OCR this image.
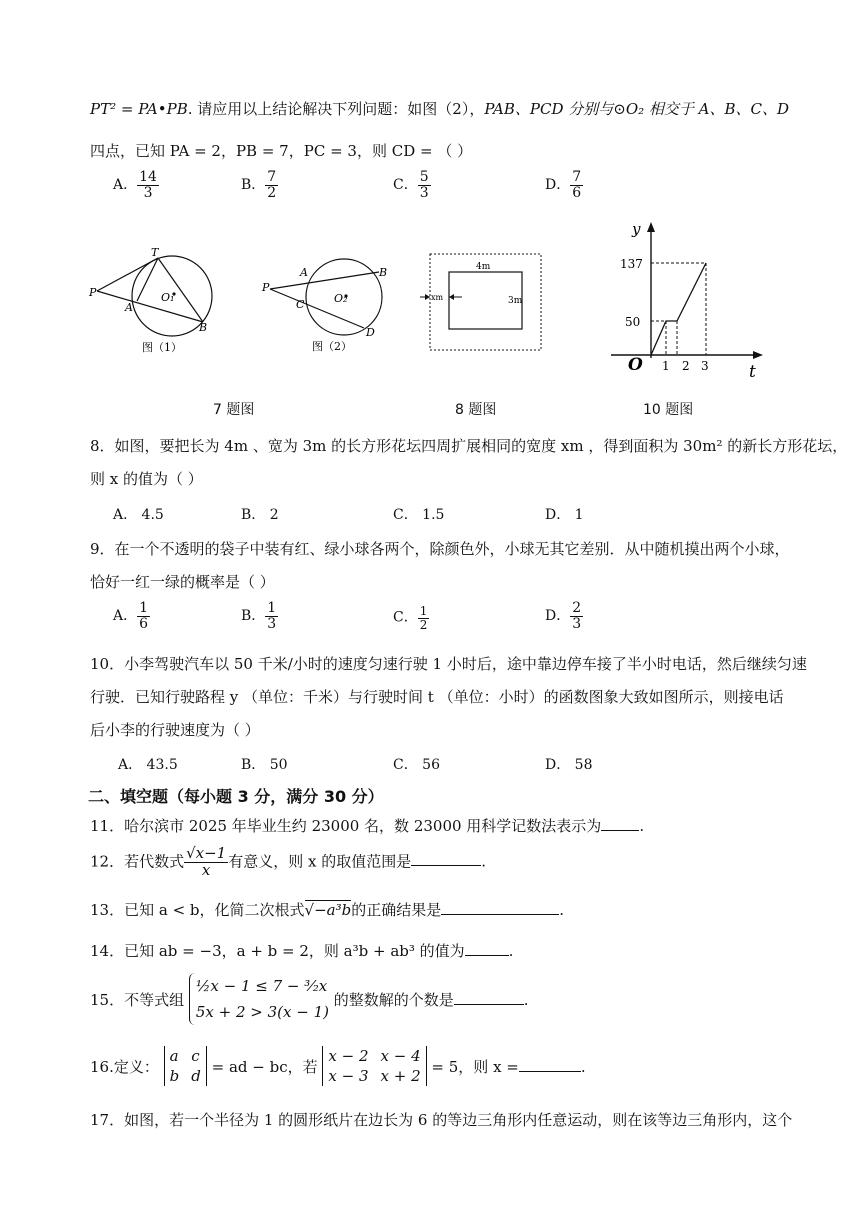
PT² = PA•PB. 请应用以上结论解决下列问题：如图（2），PAB、PCD 分别与⊙O₂ 相交于 A、B、C、D
四点，已知 PA = 2，PB = 7，PC = 3，则 CD = （ ）
A． $\frac{14}{3}$	B． $\frac{7}{2}$	C． $\frac{5}{3}$	D． $\frac{7}{6}$
P
T
A
B
O₁
图（1）
P
A	B
C
D
O₂
图（2）
4m
3m
xm
y
t
O
137
50
1 2 3
7 题图	8 题图	10 题图
8．如图，要把长为 4m 、宽为 3m 的长方形花坛四周扩展相同的宽度 xm ，得到面积为 30m² 的新长方形花坛，
则 x 的值为（ ）
A． 4.5	B． 2	C． 1.5	D． 1
9．在一个不透明的袋子中装有红、绿小球各两个，除颜色外，小球无其它差别．从中随机摸出两个小球，
恰好一红一绿的概率是（ ）
A． $\frac{1}{6}$	B． $\frac{1}{3}$	C． $\frac{1}{2}$	D． $\frac{2}{3}$
10．小李驾驶汽车以 50 千米/小时的速度匀速行驶 1 小时后，途中靠边停车接了半小时电话，然后继续匀速
行驶．已知行驶路程 y （单位：千米）与行驶时间 t （单位：小时）的函数图象大致如图所示，则接电话
后小李的行驶速度为（ ）
A． 43.5	B． 50	C． 56	D． 58
二、填空题（每小题 3 分，满分 30 分）
11．哈尔滨市 2025 年毕业生约 23000 名，数 23000 用科学记数法表示为	.
12．若代数式 $\frac{√x-1}{x}$ 有意义，则 x 的取值范围是	.
13．已知 a < b，化简二次根式√−a³b的正确结果是	.
14．已知 ab = −3，a + b = 2，则 a³b + ab³ 的值为	.
15．不等式组
½x − 1 ≤ 7 − ³⁄₂x
5x + 2 > 3(x − 1)
的整数解的个数是	.
16.定义：
a c
b d
= ad − bc，若
x − 2 x − 4
x − 3 x + 2
= 5，则 x =	.
17．如图，若一个半径为 1 的圆形纸片在边长为 6 的等边三角形内任意运动，则在该等边三角形内，这个
